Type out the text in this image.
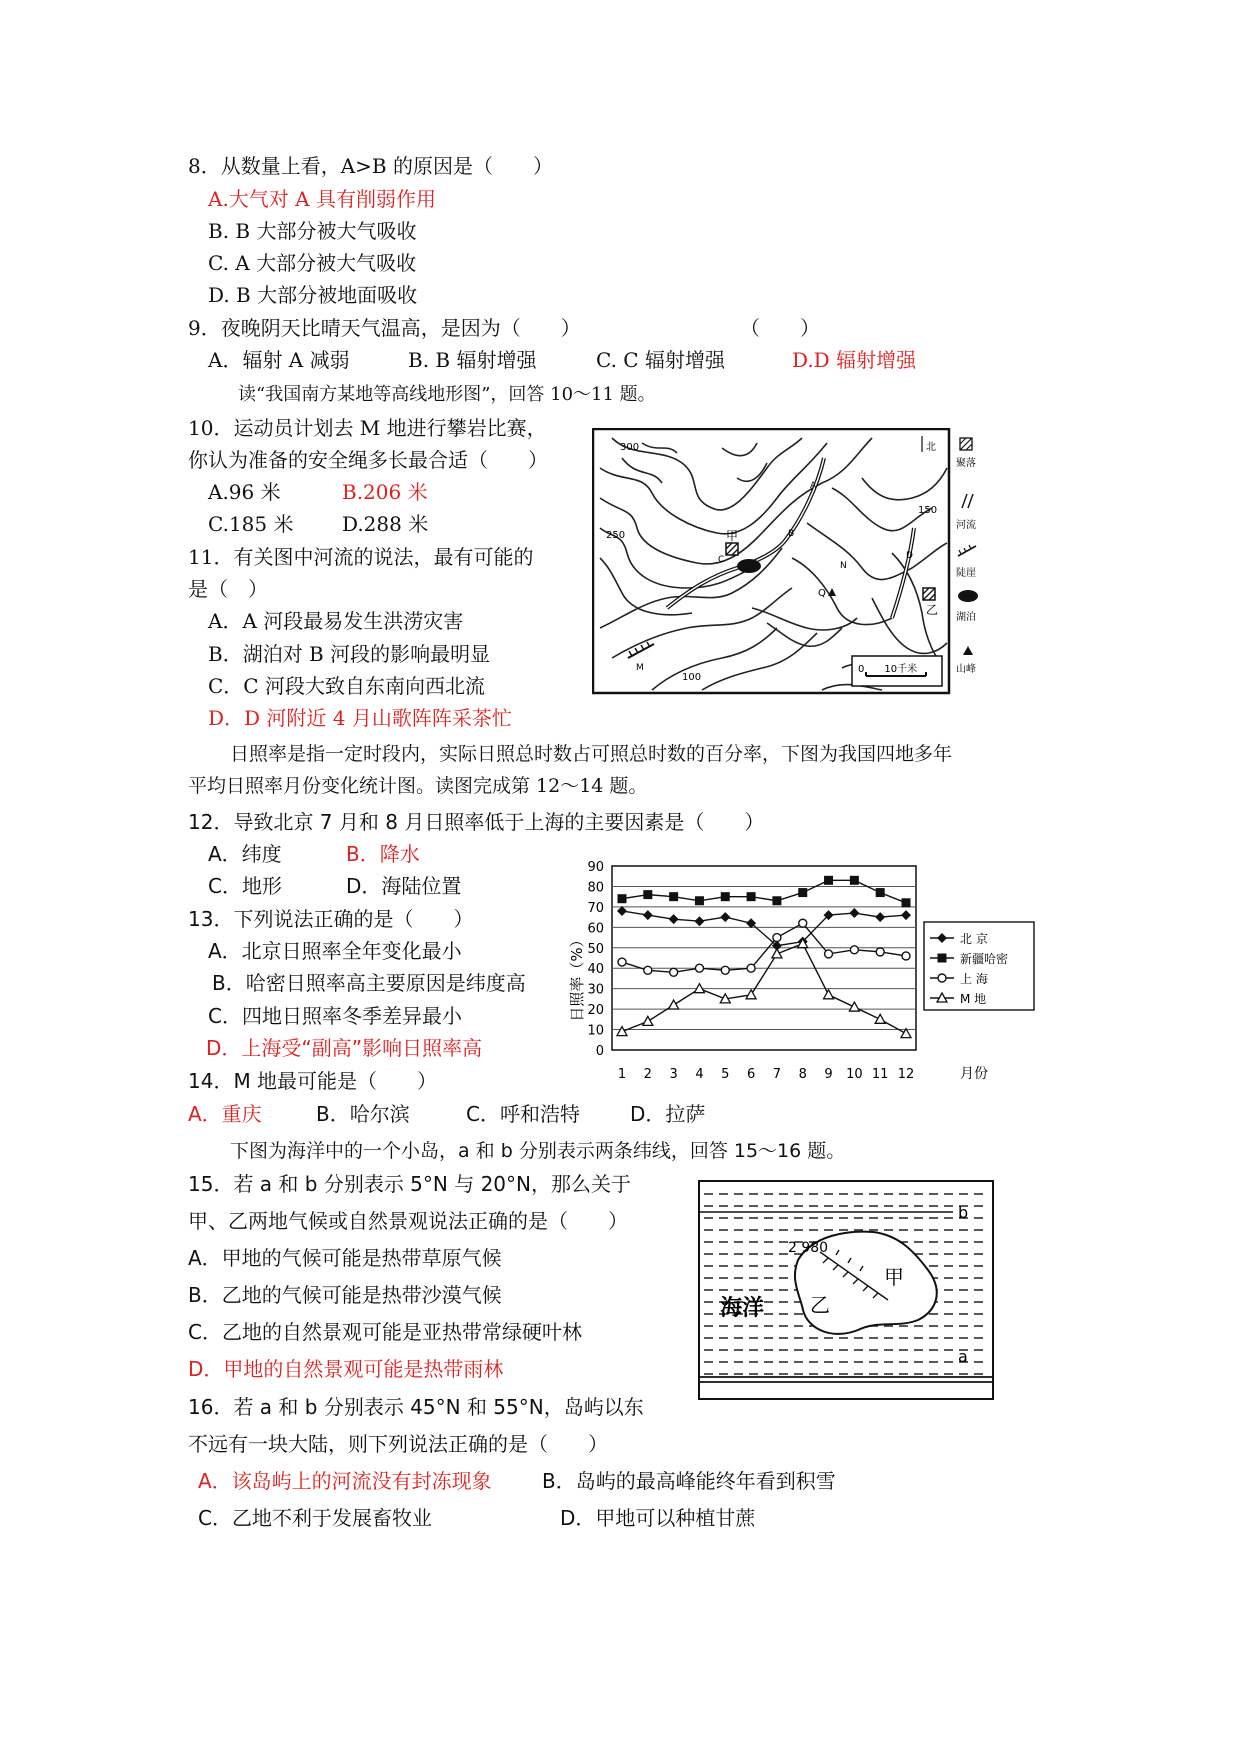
8．从数量上看，A>B 的原因是（　　）
A.大气对 A 具有削弱作用
B. B 大部分被大气吸收
C. A 大部分被大气吸收
D. B 大部分被地面吸收
9．夜晚阴天比晴天气温高，是因为（　　）	（　　）
A．辐射 A 减弱	B. B 辐射增强	C. C 辐射增强	D.D 辐射增强
读“我国南方某地等高线地形图”，回答 10～11 题。
10．运动员计划去 M 地进行攀岩比赛，
你认为准备的安全绳多长最合适（　　）
A.96 米	B.206 米
C.185 米 D.288 米
11．有关图中河流的说法，最有可能的
是（　）
A．A 河段最易发生洪涝灾害
B．湖泊对 B 河段的影响最明显
C．C 河段大致自东南向西北流
D．D 河附近 4 月山歌阵阵采茶忙
甲
乙
300
250
150
100
A
B
C	D
M
N
Q
北
0　　10千米
聚落
河流
陡崖
湖泊
山峰
日照率是指一定时段内，实际日照总时数占可照总时数的百分率，下图为我国四地多年
平均日照率月份变化统计图。读图完成第 12～14 题。
12．导致北京 7 月和 8 月日照率低于上海的主要因素是（　　）
A．纬度	B．降水
C．地形	D．海陆位置
13．下列说法正确的是（　　）
A．北京日照率全年变化最小
B．哈密日照率高主要原因是纬度高
C．四地日照率冬季差异最小
D．上海受“副高”影响日照率高
14．M 地最可能是（　　）
A．重庆	B．哈尔滨	C．呼和浩特	D．拉萨
0
10
20
30
40
50
60
70
80
90
1 2 3 4 5 6 7 8 9 10 11 12
日照率（%）
月份
北 京
新疆哈密
上 海
M 地
下图为海洋中的一个小岛，a 和 b 分别表示两条纬线，回答 15～16 题。
15．若 a 和 b 分别表示 5°N 与 20°N，那么关于
甲、乙两地气候或自然景观说法正确的是（　　）
A．甲地的气候可能是热带草原气候
B．乙地的气候可能是热带沙漠气候
C．乙地的自然景观可能是亚热带常绿硬叶林
D．甲地的自然景观可能是热带雨林
2 980
海洋 乙
甲
b
a
16．若 a 和 b 分别表示 45°N 和 55°N，岛屿以东
不远有一块大陆，则下列说法正确的是（　　）
A．该岛屿上的河流没有封冻现象	B．岛屿的最高峰能终年看到积雪
C．乙地不利于发展畜牧业	D．甲地可以种植甘蔗
